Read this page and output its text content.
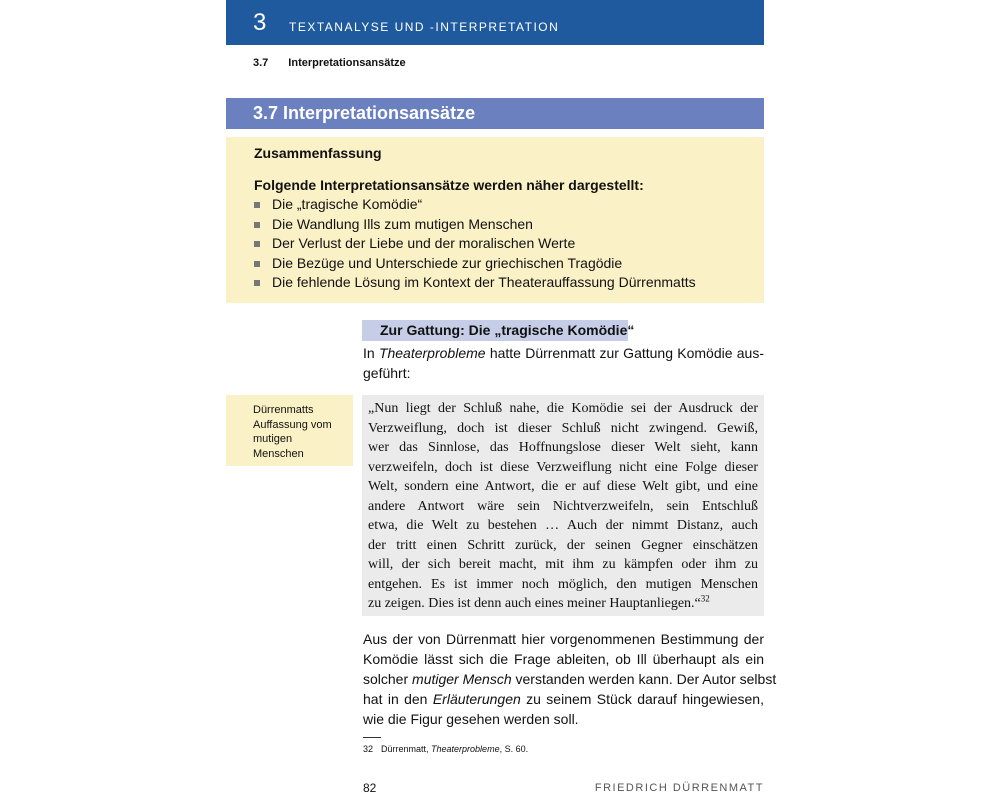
3 TEXTANALYSE UND -INTERPRETATION
3.7 Interpretationsansätze
3.7 Interpretationsansätze
Zusammenfassung
Folgende Interpretationsansätze werden näher dargestellt:
Die „tragische Komödie“
Die Wandlung Ills zum mutigen Menschen
Der Verlust der Liebe und der moralischen Werte
Die Bezüge und Unterschiede zur griechischen Tragödie
Die fehlende Lösung im Kontext der Theaterauffassung Dürrenmatts
Zur Gattung: Die „tragische Komödie“
In Theaterprobleme hatte Dürrenmatt zur Gattung Komödie aus-
geführt:
Dürrenmatts Auffassung vom mutigen Menschen
„Nun liegt der Schluß nahe, die Komödie sei der Ausdruck der
Verzweiflung, doch ist dieser Schluß nicht zwingend. Gewiß,
wer das Sinnlose, das Hoffnungslose dieser Welt sieht, kann
verzweifeln, doch ist diese Verzweiflung nicht eine Folge dieser
Welt, sondern eine Antwort, die er auf diese Welt gibt, und eine
andere Antwort wäre sein Nichtverzweifeln, sein Entschluß
etwa, die Welt zu bestehen … Auch der nimmt Distanz, auch
der tritt einen Schritt zurück, der seinen Gegner einschätzen
will, der sich bereit macht, mit ihm zu kämpfen oder ihm zu
entgehen. Es ist immer noch möglich, den mutigen Menschen
zu zeigen. Dies ist denn auch eines meiner Hauptanliegen.“$^{32}$
Aus der von Dürrenmatt hier vorgenommenen Bestimmung der
Komödie lässt sich die Frage ableiten, ob Ill überhaupt als ein
solcher mutiger Mensch verstanden werden kann. Der Autor selbst
hat in den Erläuterungen zu seinem Stück darauf hingewiesen,
wie die Figur gesehen werden soll.
32 Dürrenmatt, Theaterprobleme, S. 60.
82	FRIEDRICH DÜRRENMATT
